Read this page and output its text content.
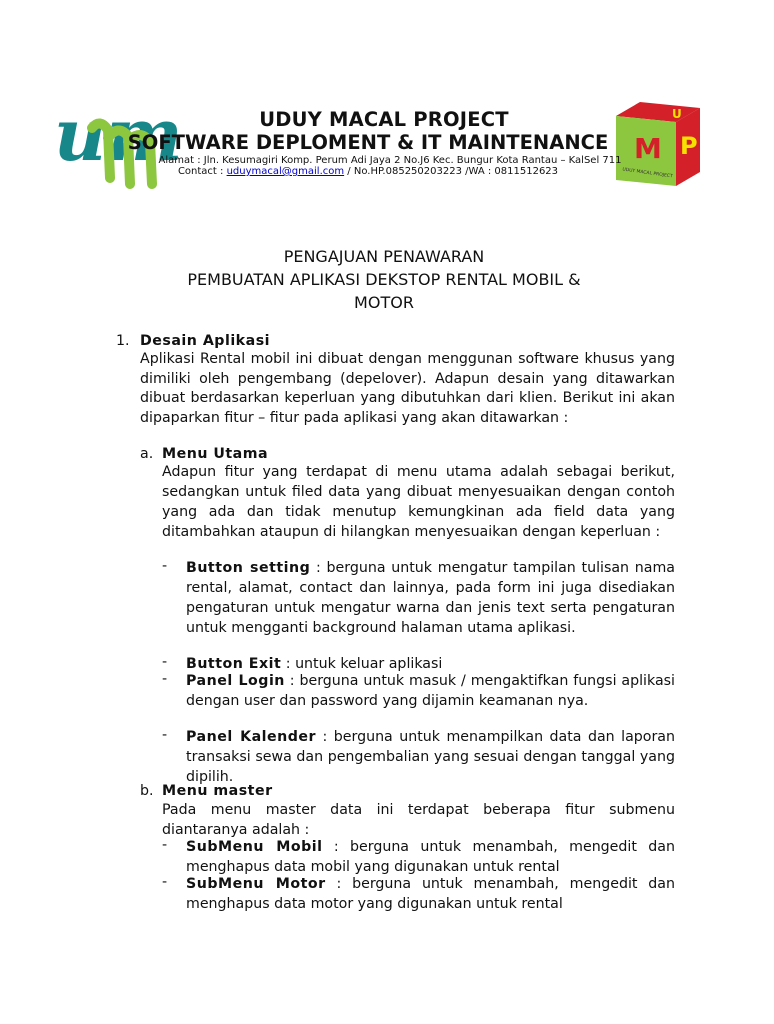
um	U
M P
UDUY MACAL PROJECT
UDUY MACAL PROJECT
SOFTWARE DEPLOMENT & IT MAINTENANCE
Alamat : Jln. Kesumagiri Komp. Perum Adi Jaya 2 No.J6 Kec. Bungur Kota Rantau – KalSel 711
Contact : uduymacal@gmail.com / No.HP.085250203223 /WA : 0811512623
PENGAJUAN PENAWARAN
PEMBUATAN APLIKASI DEKSTOP RENTAL MOBIL &
MOTOR
1. Desain Aplikasi
Aplikasi Rental mobil ini dibuat dengan menggunan software khusus yang dimiliki oleh pengembang (depelover). Adapun desain yang ditawarkan dibuat berdasarkan keperluan yang dibutuhkan dari klien. Berikut ini akan dipaparkan fitur – fitur pada aplikasi yang akan ditawarkan :
a. Menu Utama
Adapun fitur yang terdapat di menu utama adalah sebagai berikut, sedangkan untuk filed data yang dibuat menyesuaikan dengan contoh yang ada dan tidak menutup kemungkinan ada field data yang ditambahkan ataupun di hilangkan menyesuaikan dengan keperluan :
- Button setting : berguna untuk mengatur tampilan tulisan nama rental, alamat, contact dan lainnya, pada form ini juga disediakan pengaturan untuk mengatur warna dan jenis text serta pengaturan untuk mengganti background halaman utama aplikasi.
- Button Exit : untuk keluar aplikasi
- Panel Login : berguna untuk masuk / mengaktifkan fungsi aplikasi dengan user dan password yang dijamin keamanan nya.
- Panel Kalender : berguna untuk menampilkan data dan laporan transaksi sewa dan pengembalian yang sesuai dengan tanggal yang dipilih.
b. Menu master
Pada menu master data ini terdapat beberapa fitur submenu diantaranya adalah :
- SubMenu Mobil : berguna untuk menambah, mengedit dan menghapus data mobil yang digunakan untuk rental
- SubMenu Motor : berguna untuk menambah, mengedit dan menghapus data motor yang digunakan untuk rental
